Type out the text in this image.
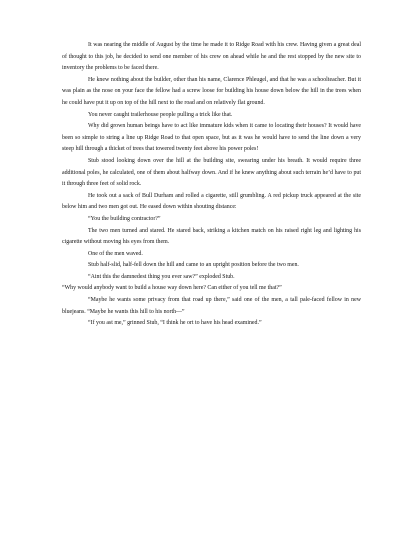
It was nearing the middle of August by the time he made it to Ridge Road with his crew. Having given a great deal of thought to this job, he decided to send one member of his crew on ahead while he and the rest stopped by the new site to inventory the problems to be faced there.

He knew nothing about the builder, other than his name, Clarence Phleugel, and that he was a schoolteacher. But it was plain as the nose on your face the fellow had a screw loose for building his house down below the hill in the trees when he could have put it up on top of the hill next to the road and on relatively flat ground.

You never caught trailerhouse people pulling a trick like that.

Why did grown human beings have to act like immature kids when it came to locating their houses? It would have been so simple to string a line up Ridge Road to that open space, but as it was he would have to send the line down a very steep hill through a thicket of trees that towered twenty feet above his power poles!

Stub stood looking down over the hill at the building site, swearing under his breath. It would require three additional poles, he calculated, one of them about halfway down. And if he knew anything about such terrain he’d have to put it through three feet of solid rock.

He took out a sack of Bull Durham and rolled a cigarette, still grumbling. A red pickup truck appeared at the site below him and two men got out. He eased down within shouting distance:

“You the building contractor?”

The two men turned and stared. He stared back, striking a kitchen match on his raised right leg and lighting his cigarette without moving his eyes from them.

One of the men waved.

Stub half-slid, half-fell down the hill and came to an upright position before the two men.

“Aint this the damnedest thing you ever saw?” exploded Stub.

“Why would anybody want to build a house way down here? Can either of you tell me that?”

“Maybe he wants some privacy from that road up there,” said one of the men, a tall pale-faced fellow in new bluejeans. “Maybe he wants this hill to his north—”

“If you ast me,” grinned Stub, “I think he ort to have his head examined.”
